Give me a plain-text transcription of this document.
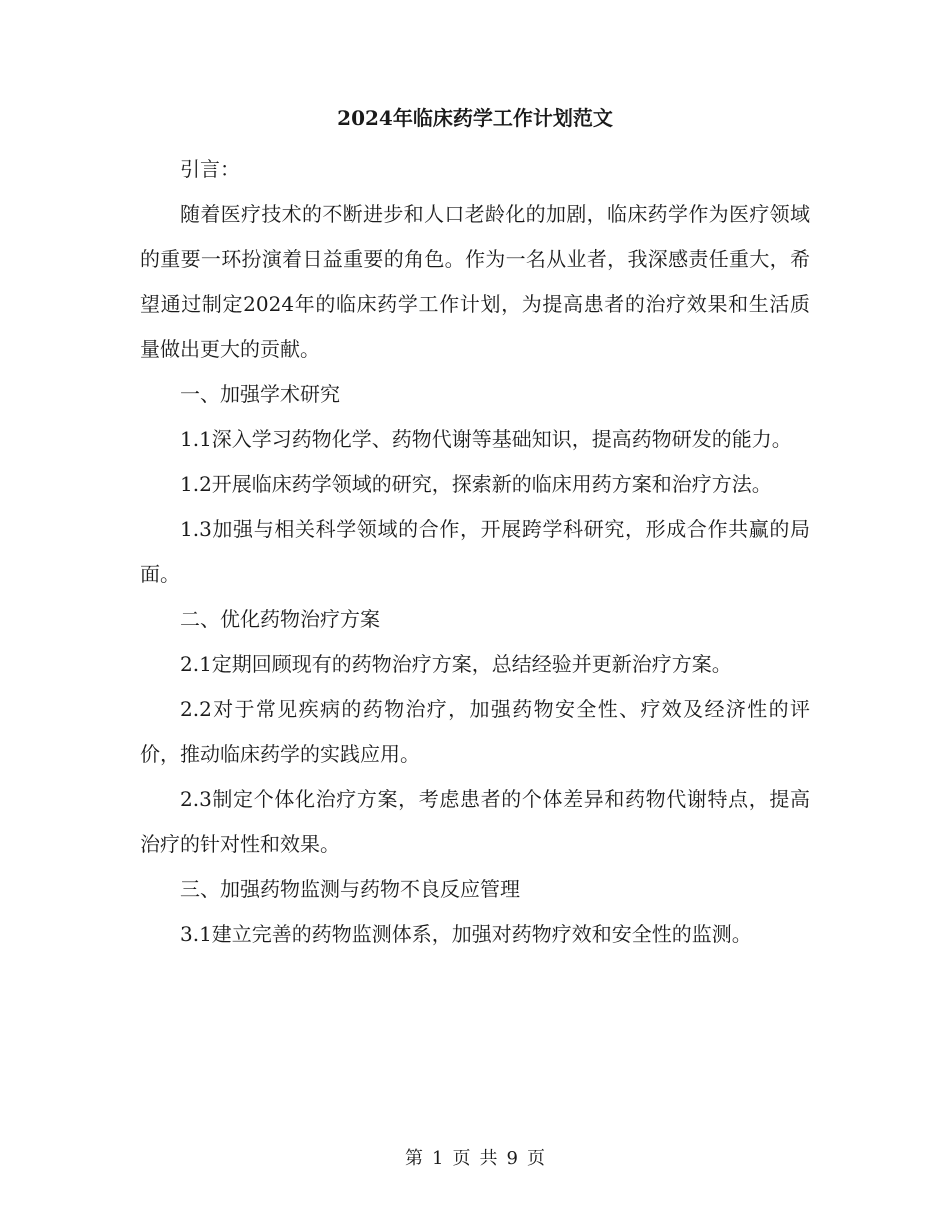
2024年临床药学工作计划范文

引言：

随着医疗技术的不断进步和人口老龄化的加剧，临床药学作为医疗领域的重要一环扮演着日益重要的角色。作为一名从业者，我深感责任重大，希望通过制定2024年的临床药学工作计划，为提高患者的治疗效果和生活质量做出更大的贡献。

一、加强学术研究

1.1深入学习药物化学、药物代谢等基础知识，提高药物研发的能力。

1.2开展临床药学领域的研究，探索新的临床用药方案和治疗方法。

1.3加强与相关科学领域的合作，开展跨学科研究，形成合作共赢的局面。

二、优化药物治疗方案

2.1定期回顾现有的药物治疗方案，总结经验并更新治疗方案。

2.2对于常见疾病的药物治疗，加强药物安全性、疗效及经济性的评价，推动临床药学的实践应用。

2.3制定个体化治疗方案，考虑患者的个体差异和药物代谢特点，提高治疗的针对性和效果。

三、加强药物监测与药物不良反应管理

3.1建立完善的药物监测体系，加强对药物疗效和安全性的监测。

第 1 页 共 9 页
